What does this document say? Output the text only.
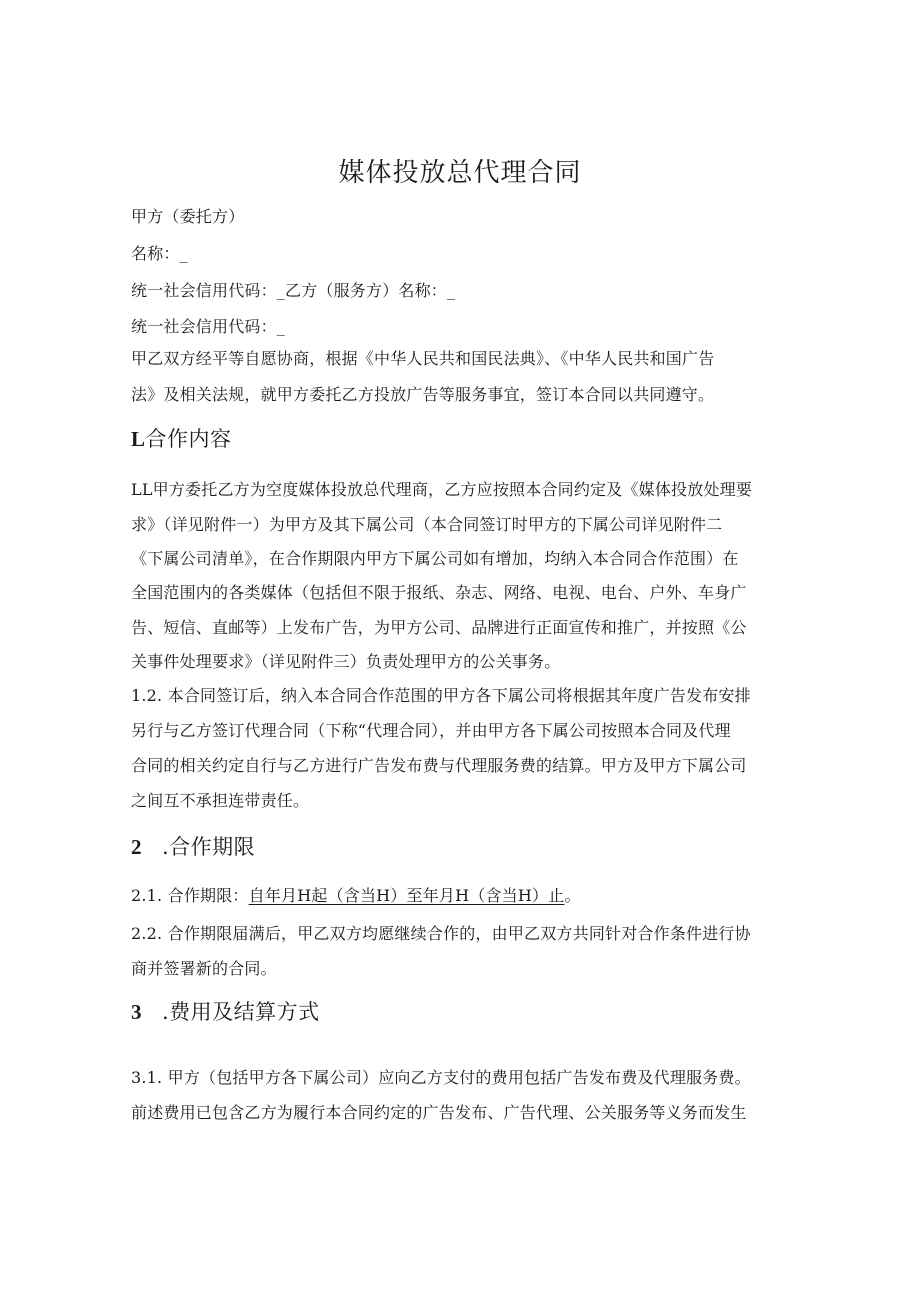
媒体投放总代理合同
甲方（委托方）
名称：_
统一社会信用代码：_乙方（服务方）名称：_
统一社会信用代码：_
甲乙双方经平等自愿协商，根据《中华人民共和国民法典》、《中华人民共和国广告
法》及相关法规，就甲方委托乙方投放广告等服务事宜，签订本合同以共同遵守。
L合作内容
LL甲方委托乙方为空度媒体投放总代理商，乙方应按照本合同约定及《媒体投放处理要
求》（详见附件一）为甲方及其下属公司（本合同签订时甲方的下属公司详见附件二
《下属公司清单》，在合作期限内甲方下属公司如有增加，均纳入本合同合作范围）在
全国范围内的各类媒体（包括但不限于报纸、杂志、网络、电视、电台、户外、车身广
告、短信、直邮等）上发布广告，为甲方公司、品牌进行正面宣传和推广，并按照《公
关事件处理要求》（详见附件三）负责处理甲方的公关事务。
1.2. 本合同签订后，纳入本合同合作范围的甲方各下属公司将根据其年度广告发布安排
另行与乙方签订代理合同（下称“代理合同），并由甲方各下属公司按照本合同及代理
合同的相关约定自行与乙方进行广告发布费与代理服务费的结算。甲方及甲方下属公司
之间互不承担连带责任。
2 .合作期限
2.1. 合作期限：自年月H起（含当H）至年月H（含当H）止。
2.2. 合作期限届满后，甲乙双方均愿继续合作的，由甲乙双方共同针对合作条件进行协
商并签署新的合同。
3 .费用及结算方式
3.1. 甲方（包括甲方各下属公司）应向乙方支付的费用包括广告发布费及代理服务费。
前述费用已包含乙方为履行本合同约定的广告发布、广告代理、公关服务等义务而发生
